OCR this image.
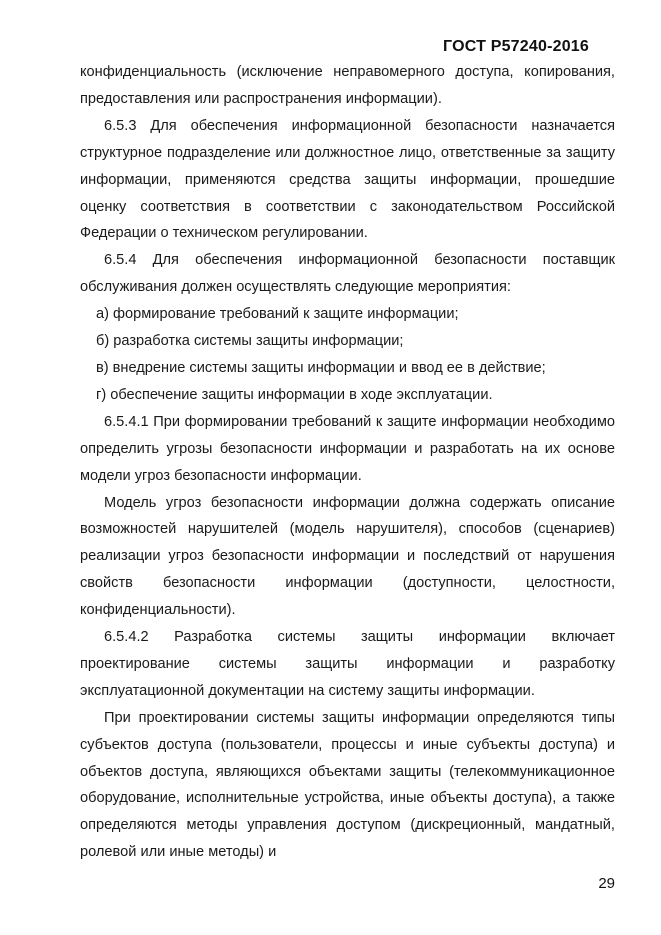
ГОСТ Р57240-2016

конфиденциальность (исключение неправомерного доступа, копирования, предоставления или распространения информации).

6.5.3 Для обеспечения информационной безопасности назначается структурное подразделение или должностное лицо, ответственные за защиту информации, применяются средства защиты информации, прошедшие оценку соответствия в соответствии с законодательством Российской Федерации о техническом регулировании.

6.5.4 Для обеспечения информационной безопасности поставщик обслуживания должен осуществлять следующие мероприятия:

а) формирование требований к защите информации;

б) разработка системы защиты информации;

в) внедрение системы защиты информации и ввод ее в действие;

г) обеспечение защиты информации в ходе эксплуатации.

6.5.4.1 При формировании требований к защите информации необходимо определить угрозы безопасности информации и разработать на их основе модели угроз безопасности информации.

Модель угроз безопасности информации должна содержать описание возможностей нарушителей (модель нарушителя), способов (сценариев) реализации угроз безопасности информации и последствий от нарушения свойств безопасности информации (доступности, целостности, конфиденциальности).

6.5.4.2 Разработка системы защиты информации включает проектирование системы защиты информации и разработку эксплуатационной документации на систему защиты информации.

При проектировании системы защиты информации определяются типы субъектов доступа (пользователи, процессы и иные субъекты доступа) и объектов доступа, являющихся объектами защиты (телекоммуникационное оборудование, исполнительные устройства, иные объекты доступа), а также определяются методы управления доступом (дискреционный, мандатный, ролевой или иные методы) и

29
